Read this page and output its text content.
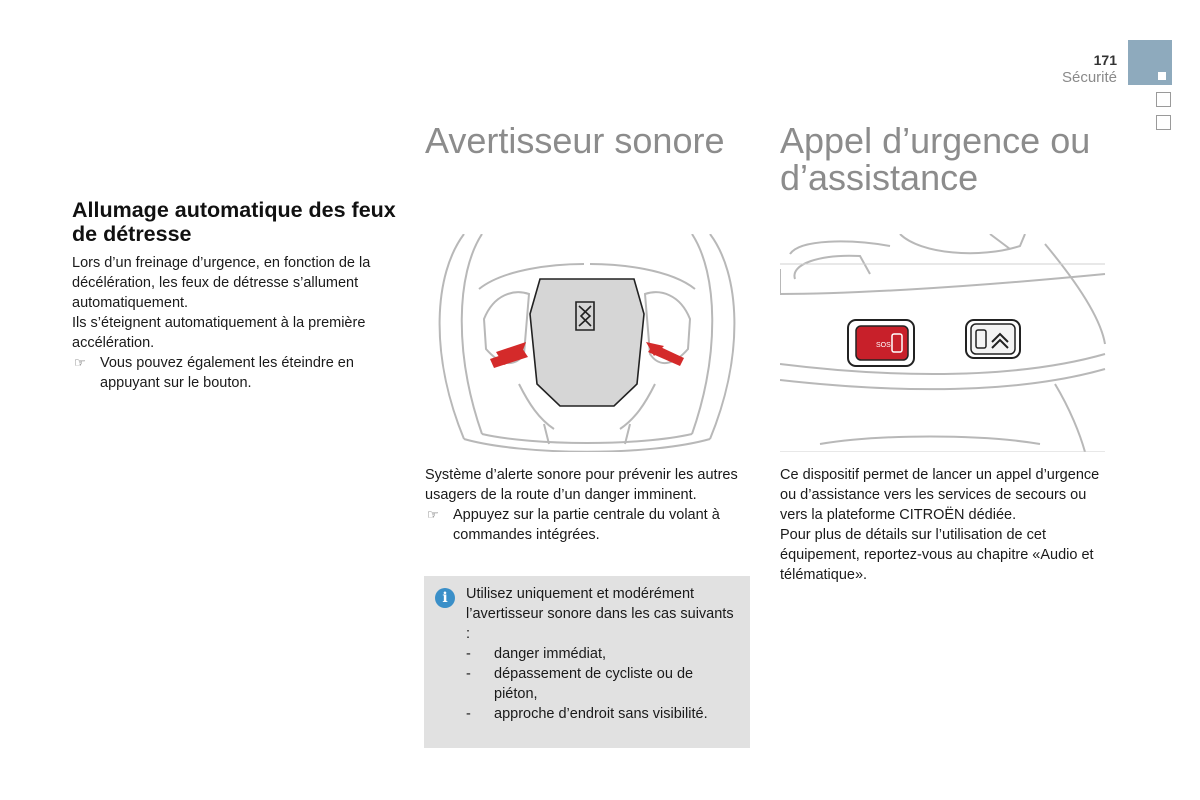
171
Sécurité
Allumage automatique des feux de détresse
Lors d’un freinage d’urgence, en fonction de la décélération, les feux de détresse s’allument automatiquement.
Ils s’éteignent automatiquement à la première accélération.
☞ Vous pouvez également les éteindre en appuyant sur le bouton.
Avertisseur sonore
Système d’alerte sonore pour prévenir les autres usagers de la route d’un danger imminent.
☞ Appuyez sur la partie centrale du volant à commandes intégrées.
i	Utilisez uniquement et modérément l’avertisseur sonore dans les cas suivants :
- danger immédiat,
- dépassement de cycliste ou de piéton,
- approche d’endroit sans visibilité.
Appel d’urgence ou d’assistance
SOS
Ce dispositif permet de lancer un appel d’urgence ou d’assistance vers les services de secours ou vers la plateforme CITROËN dédiée.
Pour plus de détails sur l’utilisation de cet équipement, reportez-vous au chapitre «Audio et télématique».
